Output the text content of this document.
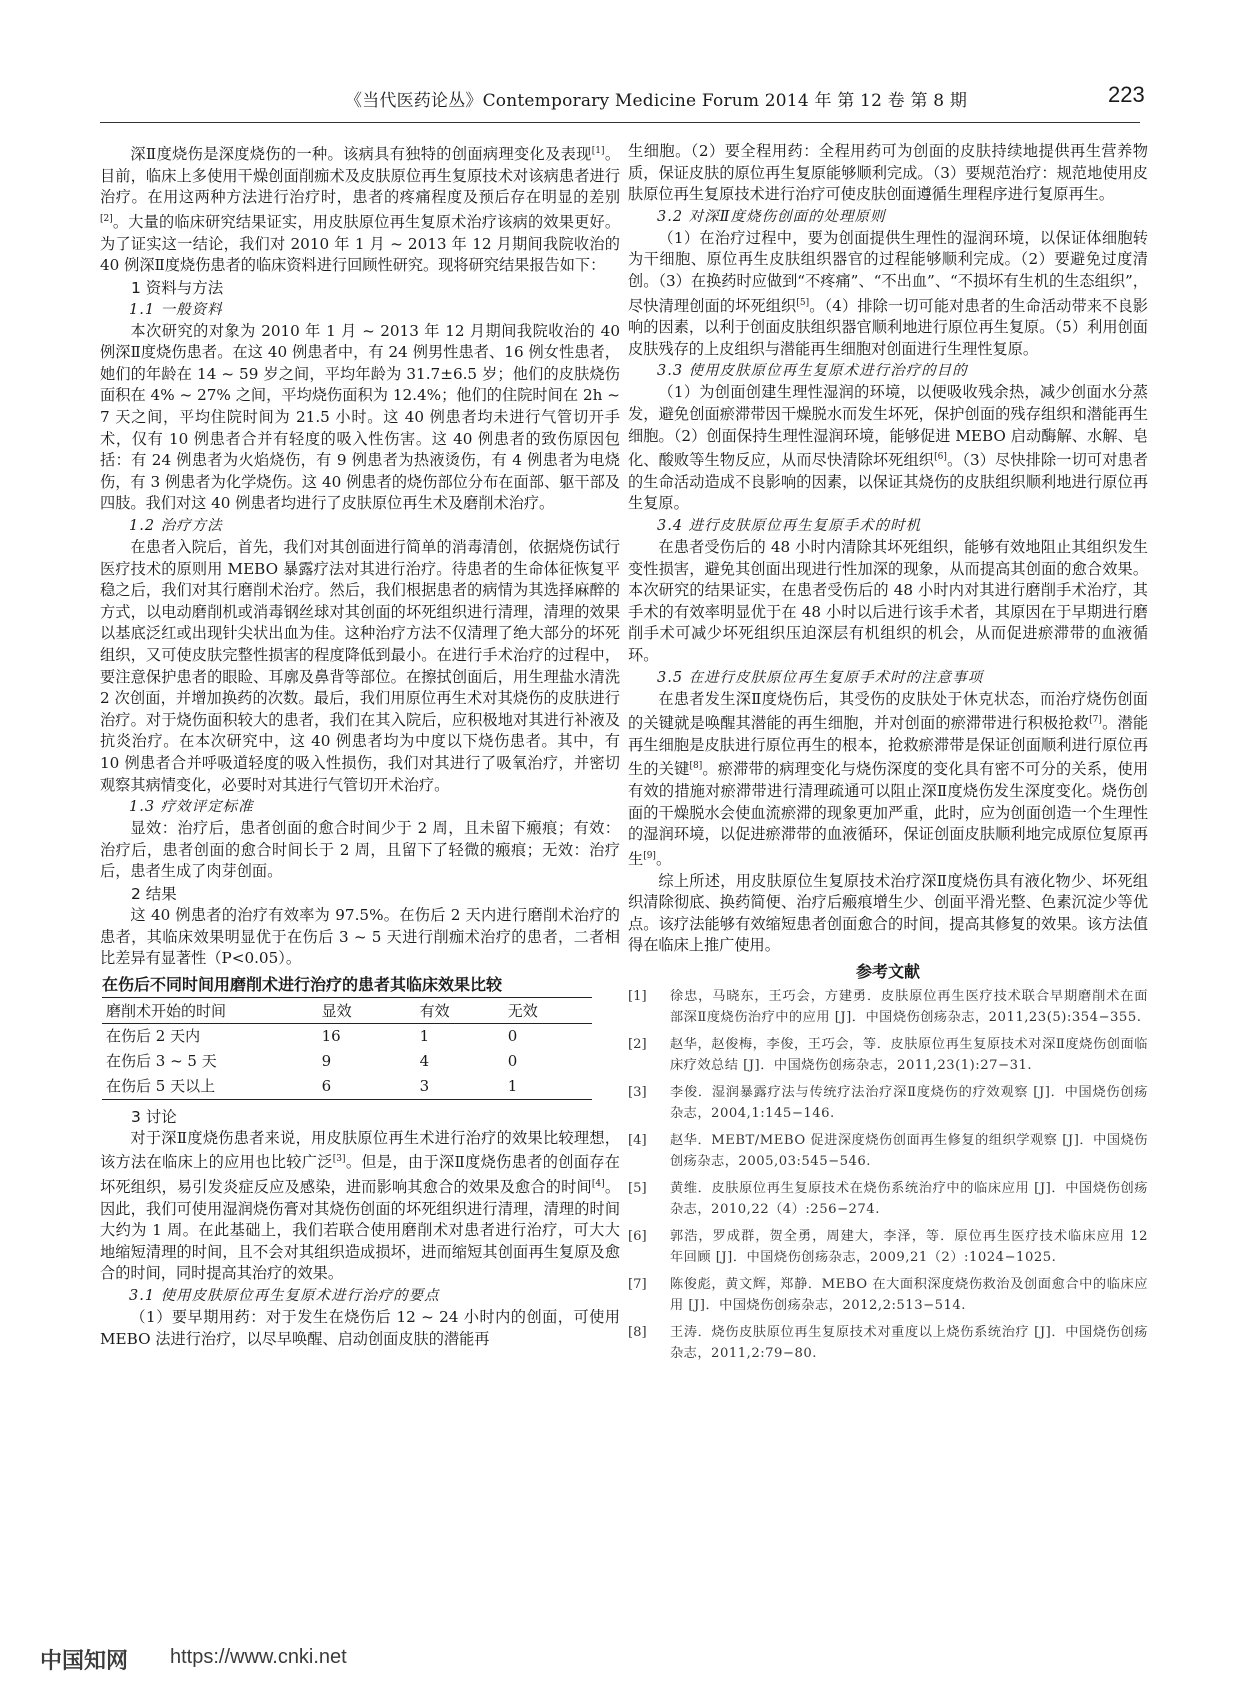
《当代医药论丛》Contemporary Medicine Forum 2014 年 第 12 卷 第 8 期	223

深Ⅱ度烧伤是深度烧伤的一种。该病具有独特的创面病理变化及表现[1]。目前，临床上多使用干燥创面削痂术及皮肤原位再生复原技术对该病患者进行治疗。在用这两种方法进行治疗时，患者的疼痛程度及预后存在明显的差别[2]。大量的临床研究结果证实，用皮肤原位再生复原术治疗该病的效果更好。为了证实这一结论，我们对 2010 年 1 月 ~ 2013 年 12 月期间我院收治的 40 例深Ⅱ度烧伤患者的临床资料进行回顾性研究。现将研究结果报告如下：

1 资料与方法
1.1 一般资料

本次研究的对象为 2010 年 1 月 ~ 2013 年 12 月期间我院收治的 40 例深Ⅱ度烧伤患者。在这 40 例患者中，有 24 例男性患者、16 例女性患者，她们的年龄在 14 ~ 59 岁之间，平均年龄为 31.7±6.5 岁；他们的皮肤烧伤面积在 4% ~ 27% 之间，平均烧伤面积为 12.4%；他们的住院时间在 2h ~ 7 天之间，平均住院时间为 21.5 小时。这 40 例患者均未进行气管切开手术，仅有 10 例患者合并有轻度的吸入性伤害。这 40 例患者的致伤原因包括：有 24 例患者为火焰烧伤，有 9 例患者为热液烫伤，有 4 例患者为电烧伤，有 3 例患者为化学烧伤。这 40 例患者的烧伤部位分布在面部、躯干部及四肢。我们对这 40 例患者均进行了皮肤原位再生术及磨削术治疗。

1.2 治疗方法

在患者入院后，首先，我们对其创面进行简单的消毒清创，依据烧伤试行医疗技术的原则用 MEBO 暴露疗法对其进行治疗。待患者的生命体征恢复平稳之后，我们对其行磨削术治疗。然后，我们根据患者的病情为其选择麻醉的方式，以电动磨削机或消毒钢丝球对其创面的坏死组织进行清理，清理的效果以基底泛红或出现针尖状出血为佳。这种治疗方法不仅清理了绝大部分的坏死组织，又可使皮肤完整性损害的程度降低到最小。在进行手术治疗的过程中，要注意保护患者的眼睑、耳廓及鼻背等部位。在擦拭创面后，用生理盐水清洗 2 次创面，并增加换药的次数。最后，我们用原位再生术对其烧伤的皮肤进行治疗。对于烧伤面积较大的患者，我们在其入院后，应积极地对其进行补液及抗炎治疗。在本次研究中，这 40 例患者均为中度以下烧伤患者。其中，有 10 例患者合并呼吸道轻度的吸入性损伤，我们对其进行了吸氧治疗，并密切观察其病情变化，必要时对其进行气管切开术治疗。

1.3 疗效评定标准

显效：治疗后，患者创面的愈合时间少于 2 周，且未留下瘢痕；有效：治疗后，患者创面的愈合时间长于 2 周，且留下了轻微的瘢痕；无效：治疗后，患者生成了肉芽创面。

2 结果

这 40 例患者的治疗有效率为 97.5%。在伤后 2 天内进行磨削术治疗的患者，其临床效果明显优于在伤后 3 ~ 5 天进行削痂术治疗的患者，二者相比差异有显著性（P<0.05）。

在伤后不同时间用磨削术进行治疗的患者其临床效果比较
磨削术开始的时间	显效	有效	无效
在伤后 2 天内	16	1	0
在伤后 3 ~ 5 天	9	4	0
在伤后 5 天以上	6	3	1
3 讨论

对于深Ⅱ度烧伤患者来说，用皮肤原位再生术进行治疗的效果比较理想，该方法在临床上的应用也比较广泛[3]。但是，由于深Ⅱ度烧伤患者的创面存在坏死组织，易引发炎症反应及感染，进而影响其愈合的效果及愈合的时间[4]。因此，我们可使用湿润烧伤膏对其烧伤创面的坏死组织进行清理，清理的时间大约为 1 周。在此基础上，我们若联合使用磨削术对患者进行治疗，可大大地缩短清理的时间，且不会对其组织造成损坏，进而缩短其创面再生复原及愈合的时间，同时提高其治疗的效果。

3.1 使用皮肤原位再生复原术进行治疗的要点

（1）要早期用药：对于发生在烧伤后 12 ~ 24 小时内的创面，可使用 MEBO 法进行治疗，以尽早唤醒、启动创面皮肤的潜能再

生细胞。（2）要全程用药：全程用药可为创面的皮肤持续地提供再生营养物质，保证皮肤的原位再生复原能够顺利完成。（3）要规范治疗：规范地使用皮肤原位再生复原技术进行治疗可使皮肤创面遵循生理程序进行复原再生。

3.2 对深Ⅱ度烧伤创面的处理原则

（1）在治疗过程中，要为创面提供生理性的湿润环境，以保证体细胞转为干细胞、原位再生皮肤组织器官的过程能够顺利完成。（2）要避免过度清创。（3）在换药时应做到“不疼痛”、“不出血”、“不损坏有生机的生态组织”，尽快清理创面的坏死组织[5]。（4）排除一切可能对患者的生命活动带来不良影响的因素，以利于创面皮肤组织器官顺利地进行原位再生复原。（5）利用创面皮肤残存的上皮组织与潜能再生细胞对创面进行生理性复原。

3.3 使用皮肤原位再生复原术进行治疗的目的

（1）为创面创建生理性湿润的环境，以便吸收残余热，减少创面水分蒸发，避免创面瘀滞带因干燥脱水而发生坏死，保护创面的残存组织和潜能再生细胞。（2）创面保持生理性湿润环境，能够促进 MEBO 启动酶解、水解、皂化、酸败等生物反应，从而尽快清除坏死组织[6]。（3）尽快排除一切可对患者的生命活动造成不良影响的因素，以保证其烧伤的皮肤组织顺利地进行原位再生复原。

3.4 进行皮肤原位再生复原手术的时机

在患者受伤后的 48 小时内清除其坏死组织，能够有效地阻止其组织发生变性损害，避免其创面出现进行性加深的现象，从而提高其创面的愈合效果。本次研究的结果证实，在患者受伤后的 48 小时内对其进行磨削手术治疗，其手术的有效率明显优于在 48 小时以后进行该手术者，其原因在于早期进行磨削手术可减少坏死组织压迫深层有机组织的机会，从而促进瘀滞带的血液循环。

3.5 在进行皮肤原位再生复原手术时的注意事项

在患者发生深Ⅱ度烧伤后，其受伤的皮肤处于休克状态，而治疗烧伤创面的关键就是唤醒其潜能的再生细胞，并对创面的瘀滞带进行积极抢救[7]。潜能再生细胞是皮肤进行原位再生的根本，抢救瘀滞带是保证创面顺利进行原位再生的关键[8]。瘀滞带的病理变化与烧伤深度的变化具有密不可分的关系，使用有效的措施对瘀滞带进行清理疏通可以阻止深Ⅱ度烧伤发生深度变化。烧伤创面的干燥脱水会使血流瘀滞的现象更加严重，此时，应为创面创造一个生理性的湿润环境，以促进瘀滞带的血液循环，保证创面皮肤顺利地完成原位复原再生[9]。

综上所述，用皮肤原位生复原技术治疗深Ⅱ度烧伤具有液化物少、坏死组织清除彻底、换药简便、治疗后瘢痕增生少、创面平滑光整、色素沉淀少等优点。该疗法能够有效缩短患者创面愈合的时间，提高其修复的效果。该方法值得在临床上推广使用。

参考文献
[1]	徐忠，马晓东，王巧会，方建勇．皮肤原位再生医疗技术联合早期磨削术在面部深Ⅱ度烧伤治疗中的应用 [J]．中国烧伤创疡杂志，2011,23(5):354−355.
[2]	赵华，赵俊梅，李俊，王巧会，等．皮肤原位再生复原技术对深Ⅱ度烧伤创面临床疗效总结 [J]．中国烧伤创疡杂志，2011,23(1):27−31.
[3]	李俊．湿润暴露疗法与传统疗法治疗深Ⅱ度烧伤的疗效观察 [J]．中国烧伤创疡杂志，2004,1:145−146.
[4]	赵华．MEBT/MEBO 促进深度烧伤创面再生修复的组织学观察 [J]．中国烧伤创疡杂志，2005,03:545−546.
[5]	黄维．皮肤原位再生复原技术在烧伤系统治疗中的临床应用 [J]．中国烧伤创疡杂志，2010,22（4）:256−274.
[6]	郭浩，罗成群，贺全勇，周建大，李泽，等．原位再生医疗技术临床应用 12 年回顾 [J]．中国烧伤创疡杂志，2009,21（2）:1024−1025.
[7]	陈俊彪，黄文辉，郑静．MEBO 在大面积深度烧伤救治及创面愈合中的临床应用 [J]．中国烧伤创疡杂志，2012,2:513−514.
[8]	王涛．烧伤皮肤原位再生复原技术对重度以上烧伤系统治疗 [J]．中国烧伤创疡杂志，2011,2:79−80.
中国知网 https://www.cnki.net
